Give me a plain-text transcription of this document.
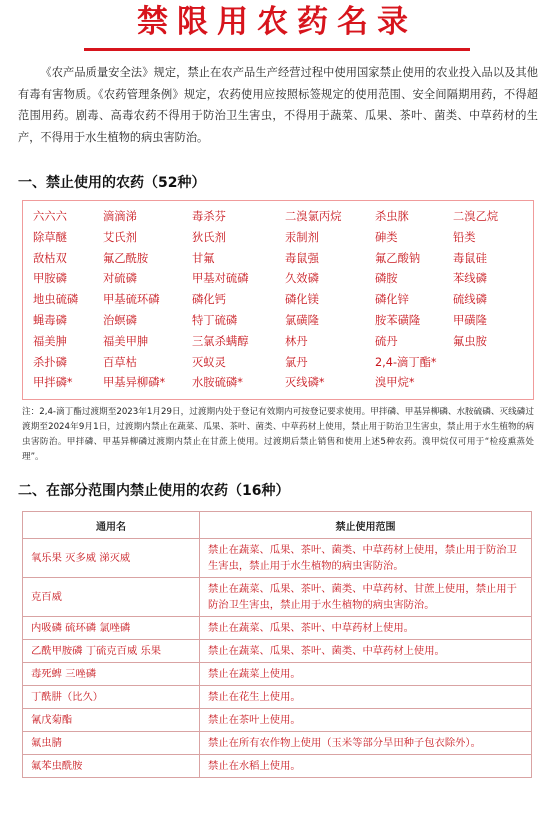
禁限用农药名录
《农产品质量安全法》规定，禁止在农产品生产经营过程中使用国家禁止使用的农业投入品以及其他有毒有害物质。《农药管理条例》规定，农药使用应按照标签规定的使用范围、安全间隔期用药，不得超范围用药。剧毒、高毒农药不得用于防治卫生害虫，不得用于蔬菜、瓜果、茶叶、菌类、中草药材的生产，不得用于水生植物的病虫害防治。
一、禁止使用的农药（52种）
六六六	滴滴涕	毒杀芬	二溴氯丙烷	杀虫脒	二溴乙烷
除草醚	艾氏剂	狄氏剂	汞制剂	砷类	铅类
敌枯双	氟乙酰胺	甘氟	毒鼠强	氟乙酸钠	毒鼠硅
甲胺磷	对硫磷	甲基对硫磷	久效磷	磷胺	苯线磷
地虫硫磷	甲基硫环磷	磷化钙	磷化镁	磷化锌	硫线磷
蝇毒磷	治螟磷	特丁硫磷	氯磺隆	胺苯磺隆	甲磺隆
福美胂	福美甲胂	三氯杀螨醇	林丹	硫丹	氟虫胺
杀扑磷	百草枯	灭蚁灵	氯丹	2,4-滴丁酯*
甲拌磷*	甲基异柳磷*	水胺硫磷*	灭线磷*	溴甲烷*
注：2,4-滴丁酯过渡期至2023年1月29日，过渡期内处于登记有效期内可按登记要求使用。甲拌磷、甲基异柳磷、水胺硫磷、灭线磷过渡期至2024年9月1日，过渡期内禁止在蔬菜、瓜果、茶叶、菌类、中草药材上使用，禁止用于防治卫生害虫，禁止用于水生植物的病虫害防治。甲拌磷、甲基异柳磷过渡期内禁止在甘蔗上使用。过渡期后禁止销售和使用上述5种农药。溴甲烷仅可用于“检疫熏蒸处理”。
二、在部分范围内禁止使用的农药（16种）
通用名	禁止使用范围
氧乐果 灭多威 涕灭威	禁止在蔬菜、瓜果、茶叶、菌类、中草药材上使用，禁止用于防治卫生害虫，禁止用于水生植物的病虫害防治。
克百威	禁止在蔬菜、瓜果、茶叶、菌类、中草药材、甘蔗上使用，禁止用于防治卫生害虫，禁止用于水生植物的病虫害防治。
内吸磷 硫环磷 氯唑磷	禁止在蔬菜、瓜果、茶叶、中草药材上使用。
乙酰甲胺磷 丁硫克百威 乐果	禁止在蔬菜、瓜果、茶叶、菌类、中草药材上使用。
毒死蜱 三唑磷	禁止在蔬菜上使用。
丁酰肼（比久）	禁止在花生上使用。
氰戊菊酯	禁止在茶叶上使用。
氟虫腈	禁止在所有农作物上使用（玉米等部分旱田种子包衣除外）。
氟苯虫酰胺	禁止在水稻上使用。
